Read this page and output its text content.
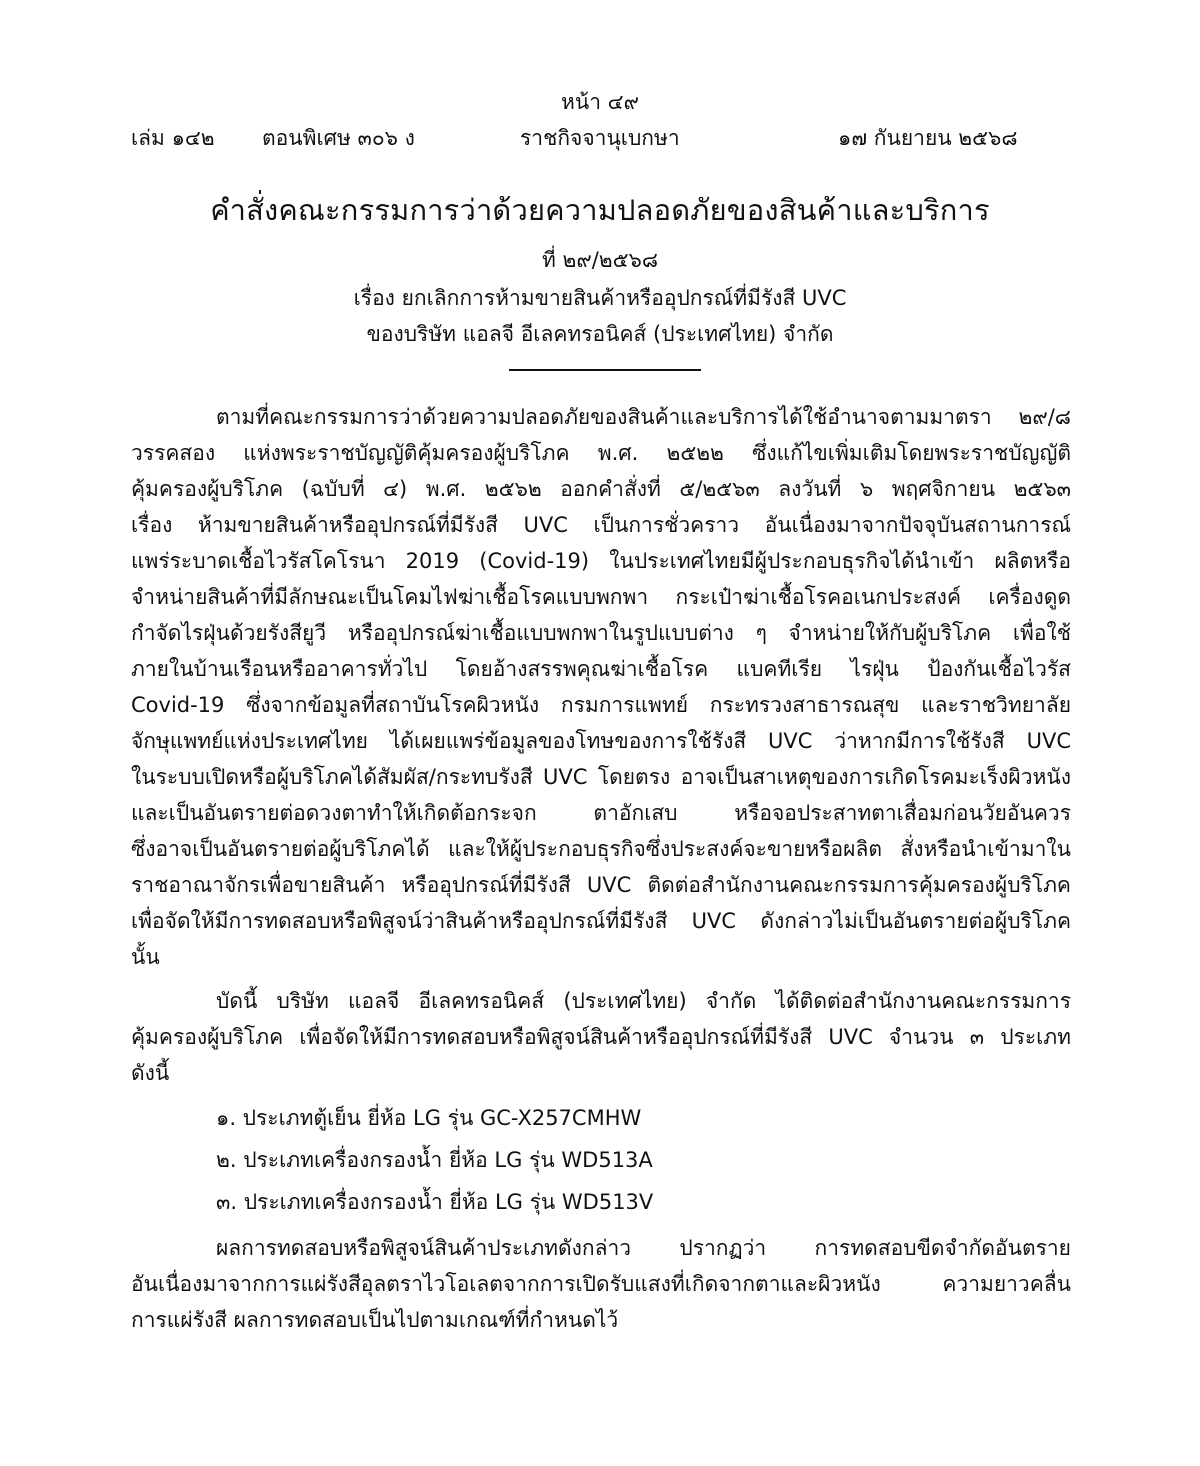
หน้า ๔๙
เล่ม ๑๔๒ ตอนพิเศษ ๓๐๖ ง	ราชกิจจานุเบกษา	๑๗ กันยายน ๒๕๖๘
คำสั่งคณะกรรมการว่าด้วยความปลอดภัยของสินค้าและบริการ
ที่ ๒๙/๒๕๖๘
เรื่อง ยกเลิกการห้ามขายสินค้าหรืออุปกรณ์ที่มีรังสี UVC
ของบริษัท แอลจี อีเลคทรอนิคส์ (ประเทศไทย) จำกัด
ตามที่คณะกรรมการว่าด้วยความปลอดภัยของสินค้าและบริการได้ใช้อำนาจตามมาตรา ๒๙/๘
วรรคสอง แห่งพระราชบัญญัติคุ้มครองผู้บริโภค พ.ศ. ๒๕๒๒ ซึ่งแก้ไขเพิ่มเติมโดยพระราชบัญญัติ
คุ้มครองผู้บริโภค (ฉบับที่ ๔) พ.ศ. ๒๕๖๒ ออกคำสั่งที่ ๕/๒๕๖๓ ลงวันที่ ๖ พฤศจิกายน ๒๕๖๓
เรื่อง ห้ามขายสินค้าหรืออุปกรณ์ที่มีรังสี UVC เป็นการชั่วคราว อันเนื่องมาจากปัจจุบันสถานการณ์
แพร่ระบาดเชื้อไวรัสโคโรนา 2019 (Covid-19) ในประเทศไทยมีผู้ประกอบธุรกิจได้นำเข้า ผลิตหรือ
จำหน่ายสินค้าที่มีลักษณะเป็นโคมไฟฆ่าเชื้อโรคแบบพกพา กระเป๋าฆ่าเชื้อโรคอเนกประสงค์ เครื่องดูด
กำจัดไรฝุ่นด้วยรังสียูวี หรืออุปกรณ์ฆ่าเชื้อแบบพกพาในรูปแบบต่าง ๆ จำหน่ายให้กับผู้บริโภค เพื่อใช้
ภายในบ้านเรือนหรืออาคารทั่วไป โดยอ้างสรรพคุณฆ่าเชื้อโรค แบคทีเรีย ไรฝุ่น ป้องกันเชื้อไวรัส
Covid-19 ซึ่งจากข้อมูลที่สถาบันโรคผิวหนัง กรมการแพทย์ กระทรวงสาธารณสุข และราชวิทยาลัย
จักษุแพทย์แห่งประเทศไทย ได้เผยแพร่ข้อมูลของโทษของการใช้รังสี UVC ว่าหากมีการใช้รังสี UVC
ในระบบเปิดหรือผู้บริโภคได้สัมผัส/กระทบรังสี UVC โดยตรง อาจเป็นสาเหตุของการเกิดโรคมะเร็งผิวหนัง
และเป็นอันตรายต่อดวงตาทำให้เกิดต้อกระจก ตาอักเสบ หรือจอประสาทตาเสื่อมก่อนวัยอันควร
ซึ่งอาจเป็นอันตรายต่อผู้บริโภคได้ และให้ผู้ประกอบธุรกิจซึ่งประสงค์จะขายหรือผลิต สั่งหรือนำเข้ามาใน
ราชอาณาจักรเพื่อขายสินค้า หรืออุปกรณ์ที่มีรังสี UVC ติดต่อสำนักงานคณะกรรมการคุ้มครองผู้บริโภค
เพื่อจัดให้มีการทดสอบหรือพิสูจน์ว่าสินค้าหรืออุปกรณ์ที่มีรังสี UVC ดังกล่าวไม่เป็นอันตรายต่อผู้บริโภค
นั้น
บัดนี้ บริษัท แอลจี อีเลคทรอนิคส์ (ประเทศไทย) จำกัด ได้ติดต่อสำนักงานคณะกรรมการ
คุ้มครองผู้บริโภค เพื่อจัดให้มีการทดสอบหรือพิสูจน์สินค้าหรืออุปกรณ์ที่มีรังสี UVC จำนวน ๓ ประเภท
ดังนี้
๑. ประเภทตู้เย็น ยี่ห้อ LG รุ่น GC-X257CMHW
๒. ประเภทเครื่องกรองน้ำ ยี่ห้อ LG รุ่น WD513A
๓. ประเภทเครื่องกรองน้ำ ยี่ห้อ LG รุ่น WD513V
ผลการทดสอบหรือพิสูจน์สินค้าประเภทดังกล่าว ปรากฏว่า การทดสอบขีดจำกัดอันตราย
อันเนื่องมาจากการแผ่รังสีอุลตราไวโอเลตจากการเปิดรับแสงที่เกิดจากตาและผิวหนัง ความยาวคลื่น
การแผ่รังสี ผลการทดสอบเป็นไปตามเกณฑ์ที่กำหนดไว้
